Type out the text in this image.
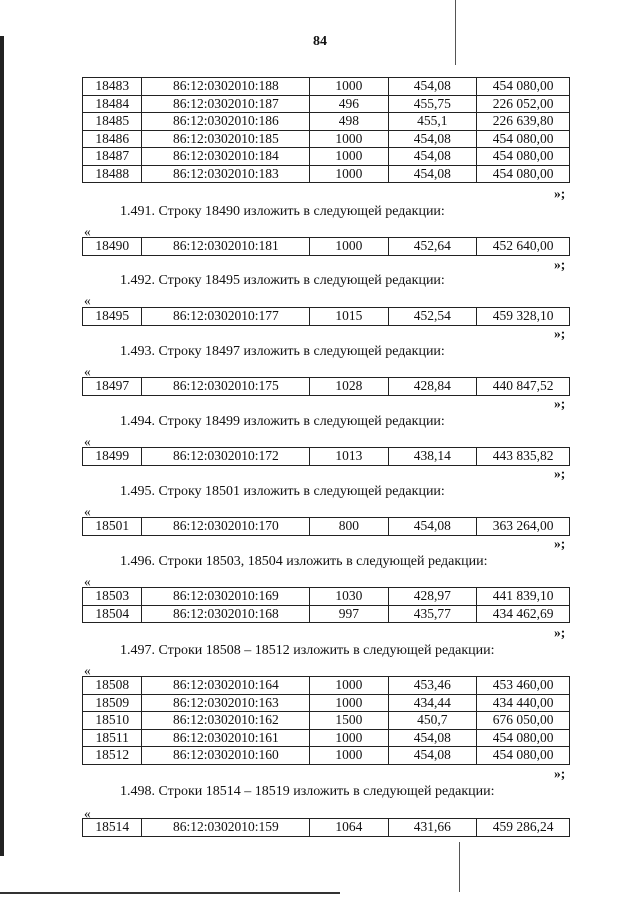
84
18483	86:12:0302010:188	1000	454,08	454 080,00
18484	86:12:0302010:187	496	455,75	226 052,00
18485	86:12:0302010:186	498	455,1	226 639,80
18486	86:12:0302010:185	1000	454,08	454 080,00
18487	86:12:0302010:184	1000	454,08	454 080,00
18488	86:12:0302010:183	1000	454,08	454 080,00
»;
1.491. Строку 18490 изложить в следующей редакции:
«
18490	86:12:0302010:181	1000	452,64	452 640,00
»;
1.492. Строку 18495 изложить в следующей редакции:
«
18495	86:12:0302010:177	1015	452,54	459 328,10
»;
1.493. Строку 18497 изложить в следующей редакции:
«
18497	86:12:0302010:175	1028	428,84	440 847,52
»;
1.494. Строку 18499 изложить в следующей редакции:
«
18499	86:12:0302010:172	1013	438,14	443 835,82
»;
1.495. Строку 18501 изложить в следующей редакции:
«
18501	86:12:0302010:170	800	454,08	363 264,00
»;
1.496. Строки 18503, 18504 изложить в следующей редакции:
«
18503	86:12:0302010:169	1030	428,97	441 839,10
18504	86:12:0302010:168	997	435,77	434 462,69
»;
1.497. Строки 18508 – 18512 изложить в следующей редакции:
«
18508	86:12:0302010:164	1000	453,46	453 460,00
18509	86:12:0302010:163	1000	434,44	434 440,00
18510	86:12:0302010:162	1500	450,7	676 050,00
18511	86:12:0302010:161	1000	454,08	454 080,00
18512	86:12:0302010:160	1000	454,08	454 080,00
»;
1.498. Строки 18514 – 18519 изложить в следующей редакции:
«
18514	86:12:0302010:159	1064	431,66	459 286,24
